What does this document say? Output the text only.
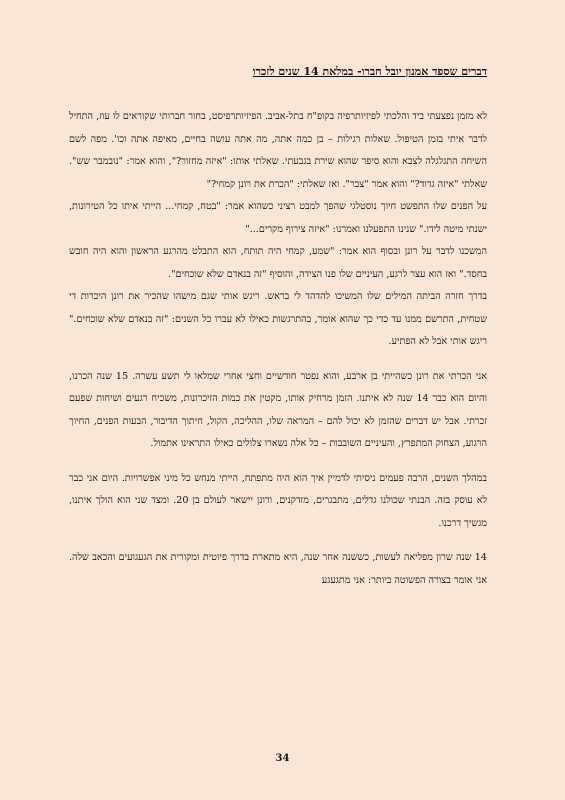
דברים שספד אמנון יובל חברו- במלאת 14 שנים לזכרו

לא מזמן נפצעתי ביד והלכתי לפיזיותרפיה בקופ"ח בתל-אביב. הפיזיותרפיסט, בחור חברותי שקוראים לו עוז, התחיל לדבר איתי בזמן הטיפול. שאלות רגילות – בן כמה אתה, מה אתה עושה בחיים, מאיפה אתה וכו'. מפה לשם השיחה התגלגלה לצבא והוא סיפר שהוא שירת בגבעתי. שאלתי אותו: "איזה מחזור?", והוא אמר: "נובמבר שש". שאלתי "איזה גדוד?" והוא אמר "צבר". ואז שאלתי: "הכרת את רונן קמחי?"

על הפנים שלו התפשט חיוך נוסטלגי שהפך למבט רציני כשהוא אמר: "בטח, קמחי... הייתי איתו כל הטירונות, ישנתי מיטה לידו." שנינו התפעלנו ואמרנו: "איזה צירוף מקרים..."

המשכנו לדבר על רונן ובסוף הוא אמר: "שמע, קמחי היה תותח, הוא התבלט מהרגע הראשון והוא היה חובש בחסד." ואז הוא עצר לרגע, העיניים שלו פנו הצידה, והוסיף "זה בנאדם שלא שוכחים".

בדרך חזרה הביתה המילים שלו המשיכו להדהד לי בראש. ריגש אותי שגם מישהו שהכיר את רונן היכרות די שטחית, התרשם ממנו עד כדי כך שהוא אומר, בהתרגשות כאילו לא עברו כל השנים: "זה בנאדם שלא שוכחים." ריגש אותי אבל לא הפתיע.

אני הכרתי את רונן כשהייתי בן ארבע, והוא נפטר חודשיים וחצי אחרי שמלאו לי תשע עשרה. 15 שנה הכרנו, והיום הוא כבר 14 שנה לא איתנו. הזמן מרחיק אותו, מקטין את כמות הזיכרונות, משכיח רגעים ושיחות שפעם זכרתי. אבל יש דברים שהזמן לא יכול להם – המראה שלו, ההליכה, הקול, חיתוך הדיבור, הבעות הפנים, החיוך הרגוע, הצחוק המתפרץ, והעיניים השובבות – כל אלה נשארו צלולים כאילו התראינו אתמול.

במהלך השנים, הרבה פעמים ניסיתי לדמיין איך הוא היה מתפתח, הייתי מנחש כל מיני אפשרויות. היום אני כבר לא עוסק בזה. הבנתי שכולנו גדלים, מתבגרים, מזדקנים, ורונן יישאר לעולם בן 20. ומצד שני הוא הולך איתנו, מגשיך דרכנו.

14 שנה שרון מפליאה לעשות, כששנה אחר שנה, היא מתארת בדרך פיוטית ומקורית את הגעגועים והכאב שלה. אני אומר בצורה הפשוטה ביותר: אני מתגעגע

34
